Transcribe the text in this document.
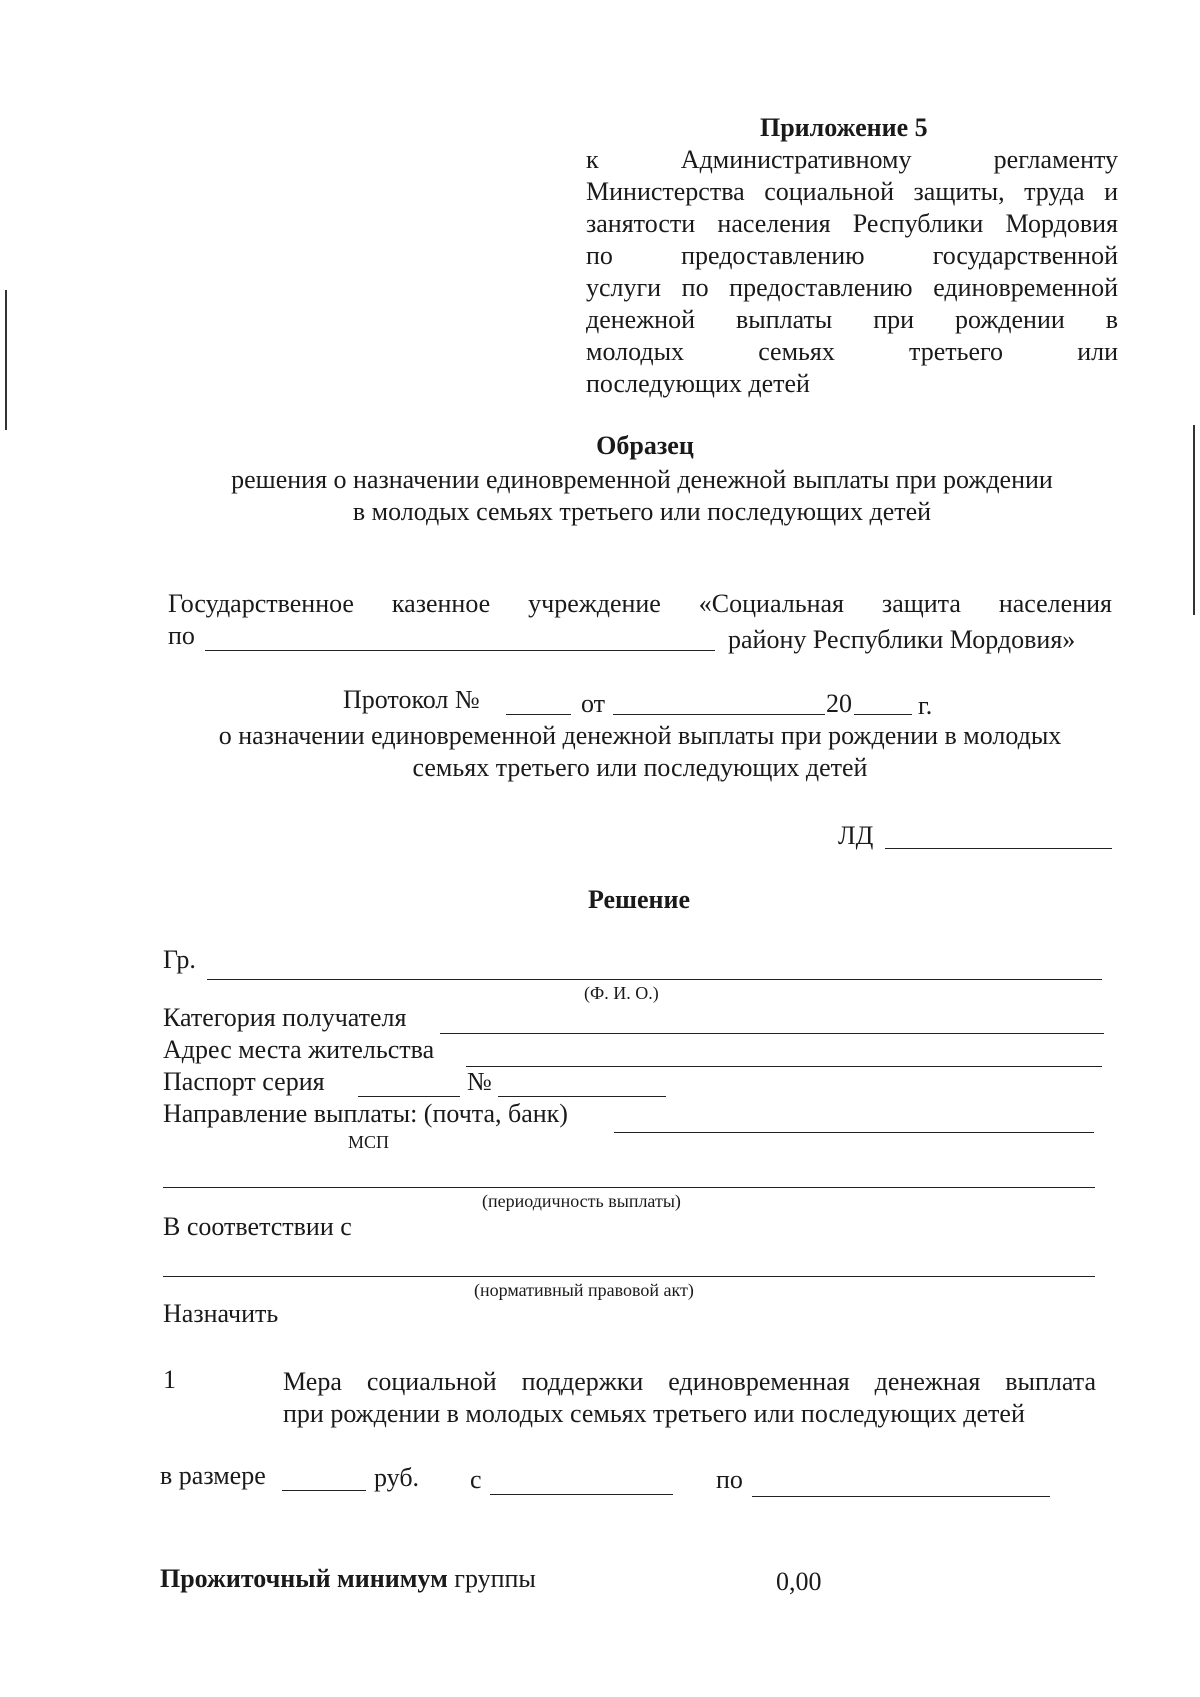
Приложение 5
к Административному регламенту
Министерства социальной защиты, труда и
занятости населения Республики Мордовия
по предоставлению государственной
услуги по предоставлению единовременной
денежной выплаты при рождении в
молодых семьях третьего или
последующих детей
Образец
решения о назначении единовременной денежной выплаты при рождении
в молодых семьях третьего или последующих детей
Государственное казенное учреждение «Социальная защита населения
по	району Республики Мордовия»
Протокол №	от	20	г.
о назначении единовременной денежной выплаты при рождении в молодых
семьях третьего или последующих детей
ЛД
Решение
Гр.
(Ф. И. О.)
Категория получателя
Адрес места жительства
Паспорт серия	№
Направление выплаты: (почта, банк)
МСП
(периодичность выплаты)
В соответствии с
(нормативный правовой акт)
Назначить
1	Мера социальной поддержки единовременная денежная выплата
при рождении в молодых семьях третьего или последующих детей
в размере	руб. с	по
Прожиточный минимум группы	0,00
